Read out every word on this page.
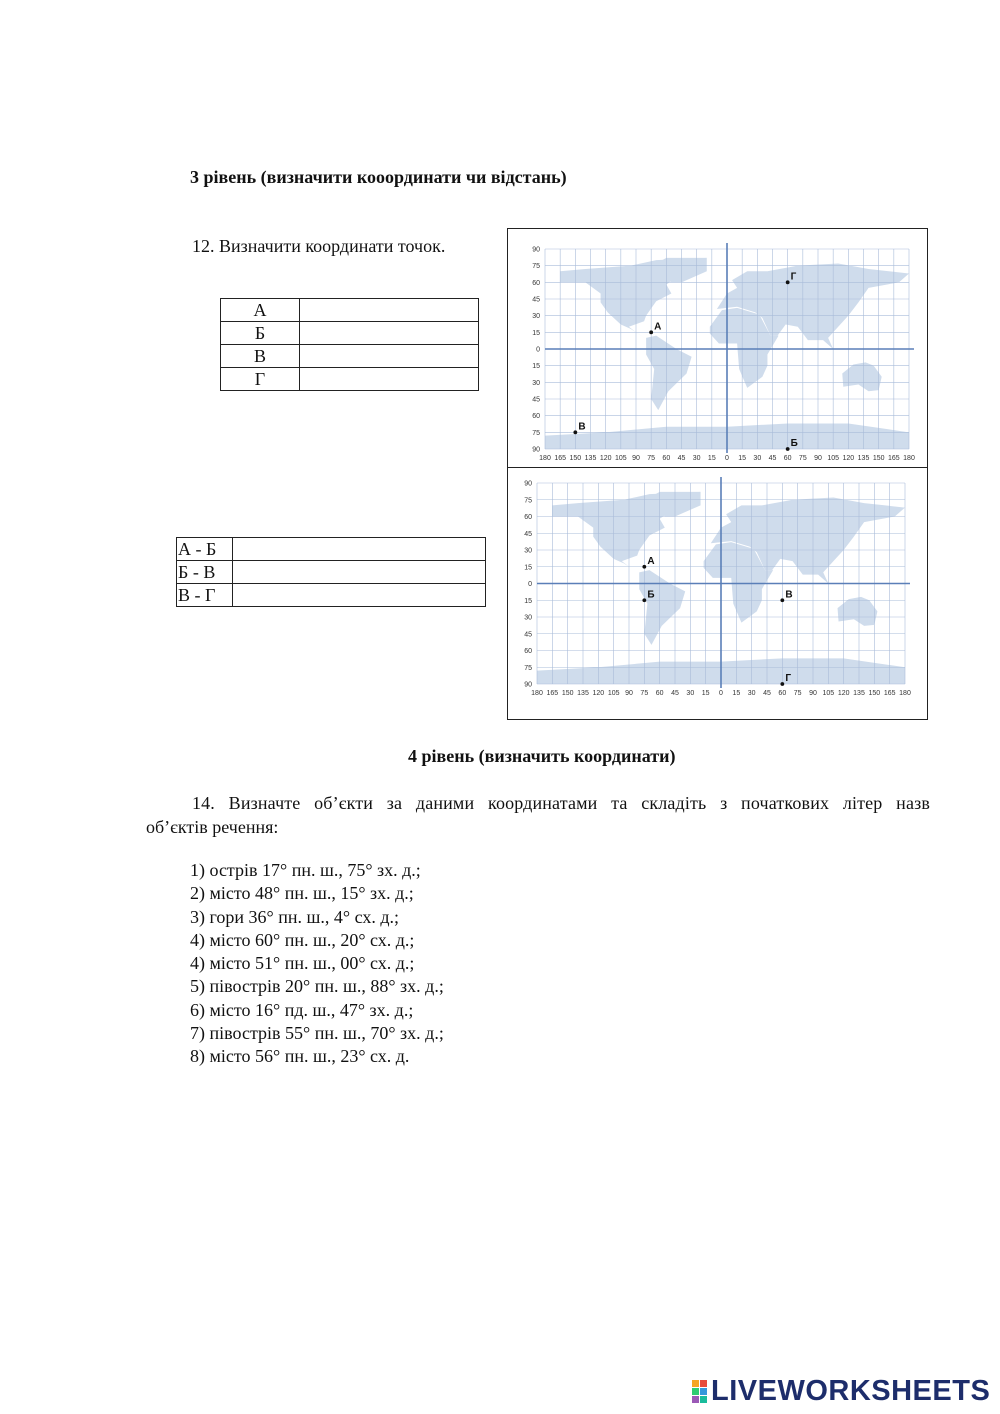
3 рівень (визначити кооординати чи відстань)
12. Визначити координати точок.
А	
Б	
В	
Г	
А - Б	
Б - В	
В - Г	
90
75
60
45
30
15
0
15
30
45
60
75
90
180 165 150 135 120 105 90 75 60 45 30 15 0 15 30 45 60 75 90 105 120 135 150 165 180
А
Б
В
Г
90
75
60
45
30
15
0
15
30
45
60
75
90
180 165 150 135 120 105 90 75 60 45 30 15 0 15 30 45 60 75 90 105 120 135 150 165 180
А
Б	В
Г
4 рівень (визначить координати)
14. Визначте об’єкти за даними координатами та складіть з початкових літер назв
об’єктів речення:
1) острів 17° пн. ш., 75° зх. д.;
2) місто 48° пн. ш., 15° зх. д.;
3) гори 36° пн. ш., 4° сх. д.;
4) місто 60° пн. ш., 20° сх. д.;
4) місто 51° пн. ш., 00° сх. д.;
5) півострів 20° пн. ш., 88° зх. д.;
6) місто 16° пд. ш., 47° зх. д.;
7) півострів 55° пн. ш., 70° зх. д.;
8) місто 56° пн. ш., 23° сх. д.
LIVEWORKSHEETS
